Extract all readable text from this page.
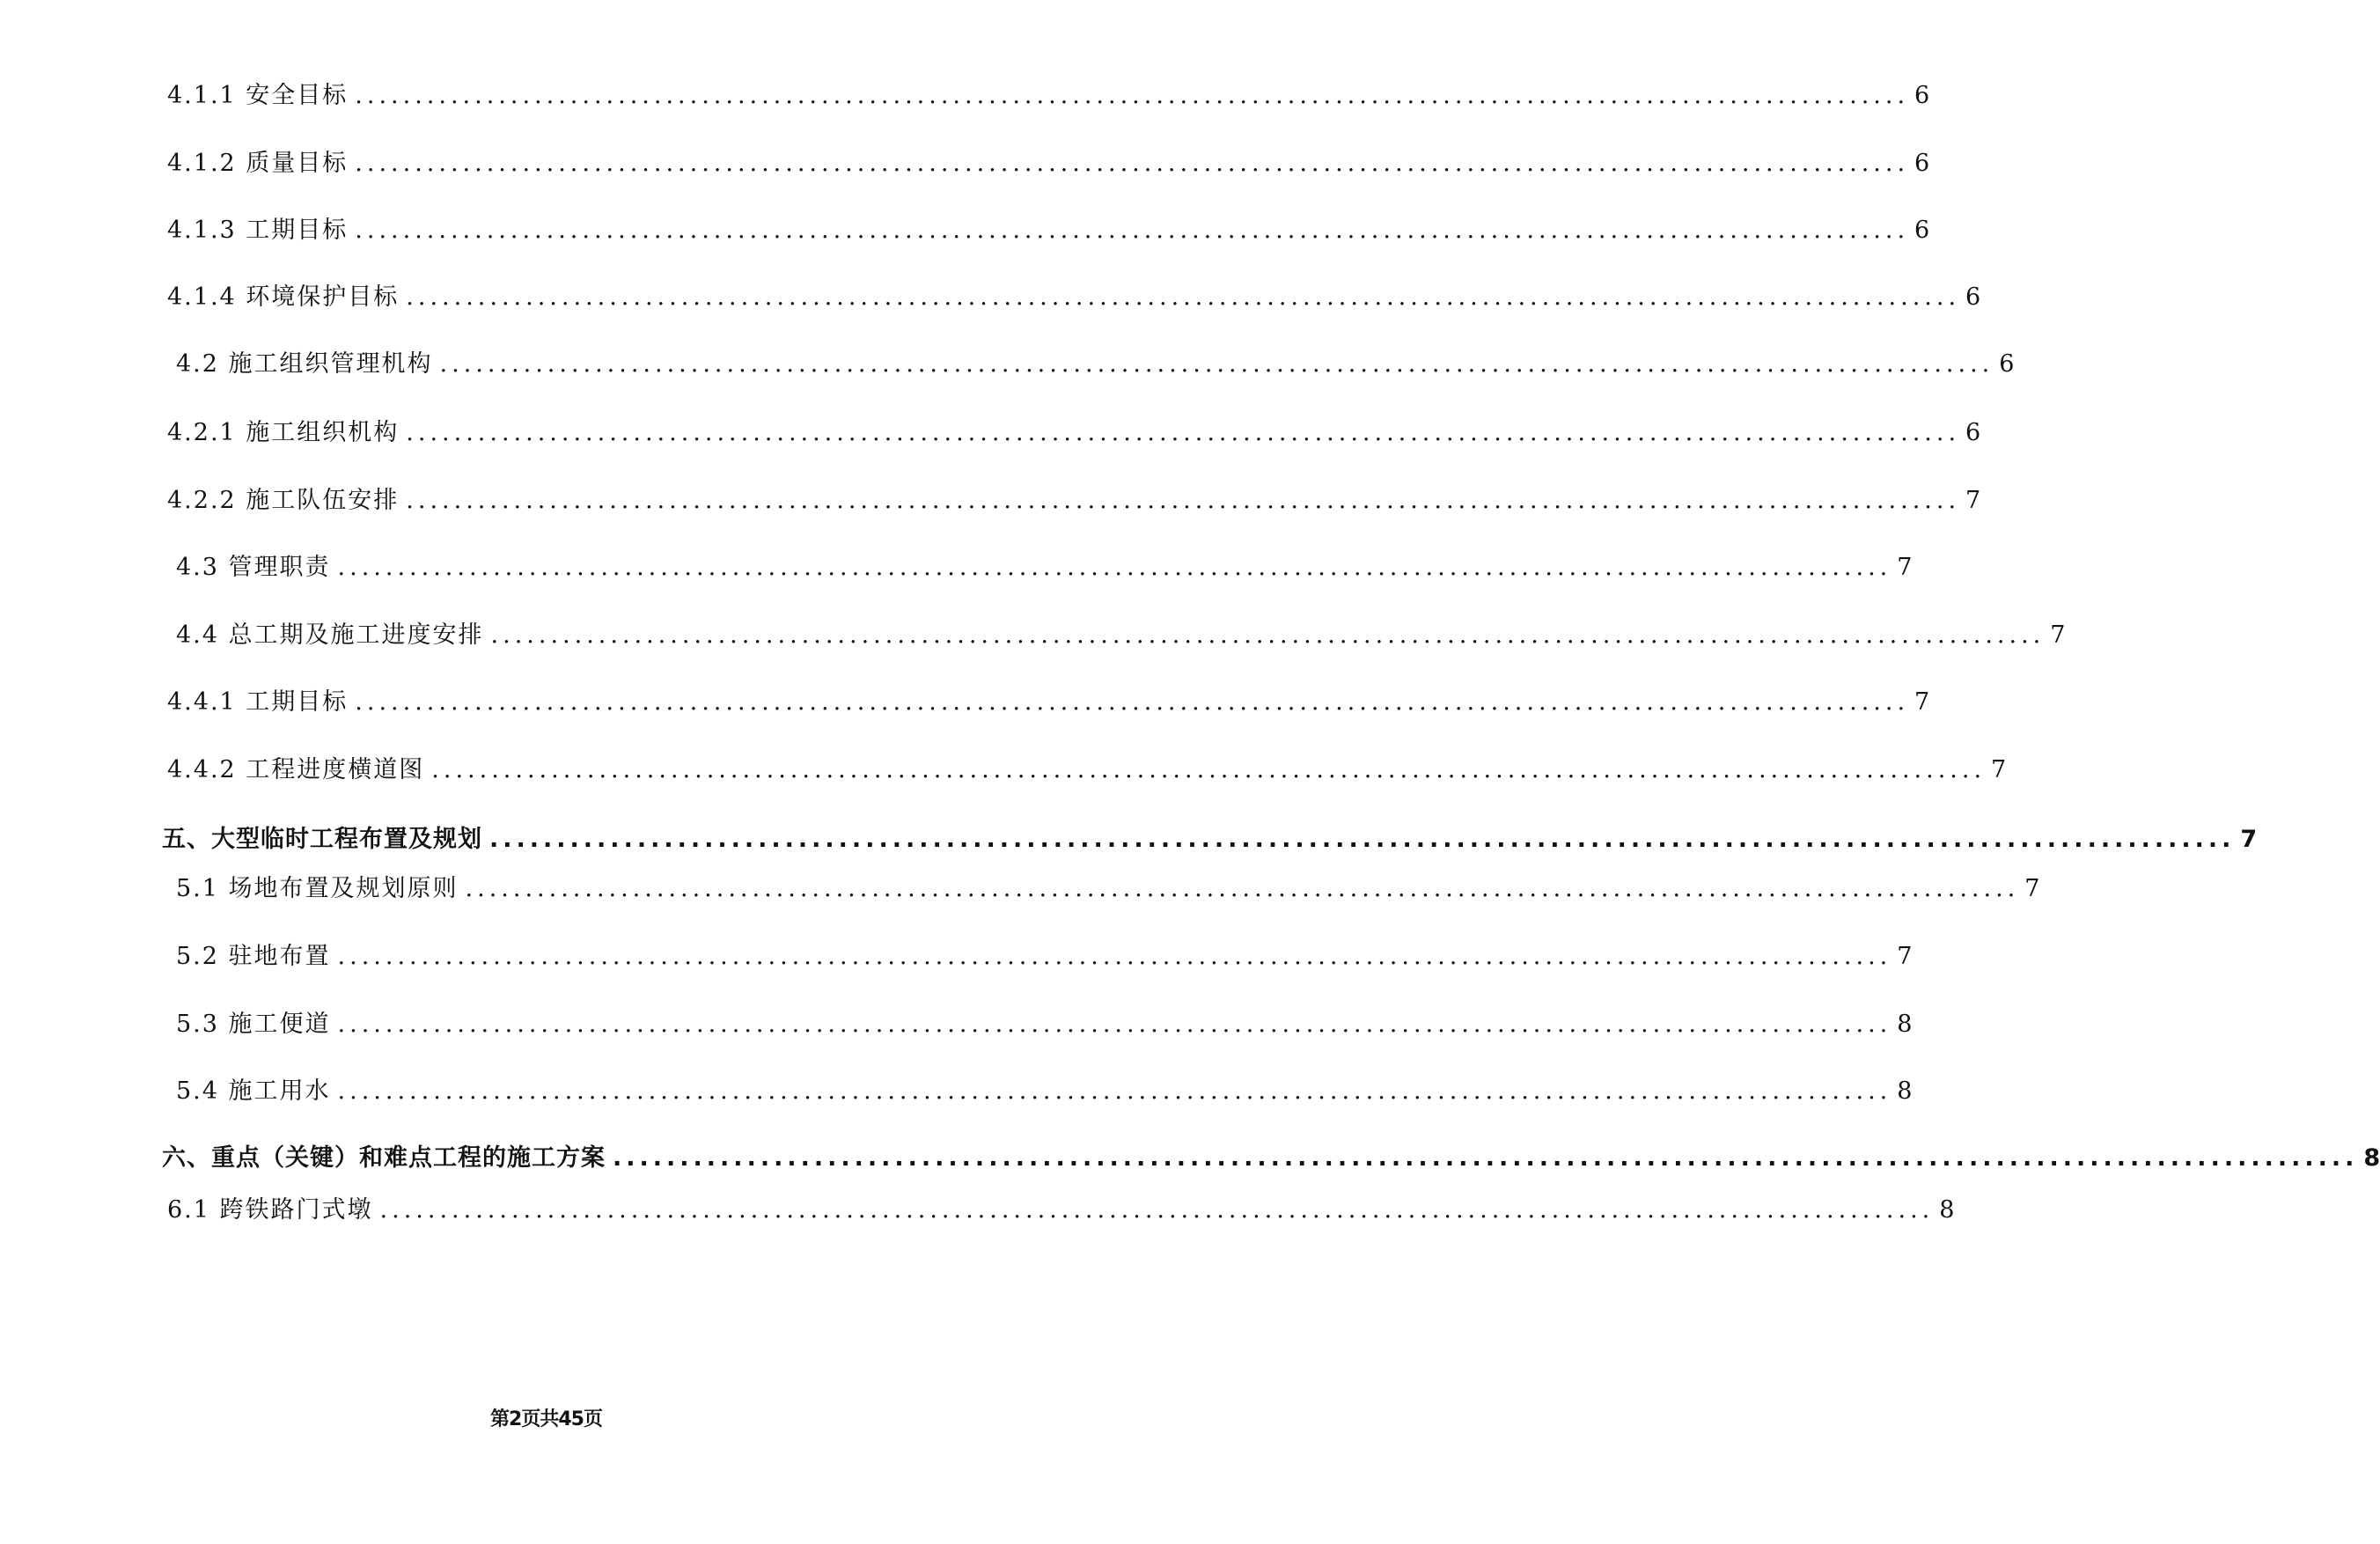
4.1.1 安全目标 .................................................................................................................................. 6
4.1.2 质量目标 .................................................................................................................................. 6
4.1.3 工期目标 .................................................................................................................................. 6
4.1.4 环境保护目标 .................................................................................................................................. 6
4.2 施工组织管理机构 .................................................................................................................................. 6
4.2.1 施工组织机构 .................................................................................................................................. 6
4.2.2 施工队伍安排 .................................................................................................................................. 7
4.3 管理职责 .................................................................................................................................. 7
4.4 总工期及施工进度安排 .................................................................................................................................. 7
4.4.1 工期目标 .................................................................................................................................. 7
4.4.2 工程进度横道图 .................................................................................................................................. 7
五、大型临时工程布置及规划 .................................................................................................................................. 7
5.1 场地布置及规划原则 .................................................................................................................................. 7
5.2 驻地布置 .................................................................................................................................. 7
5.3 施工便道 .................................................................................................................................. 8
5.4 施工用水 .................................................................................................................................. 8
六、重点（关键）和难点工程的施工方案 .................................................................................................................................. 8
6.1 跨铁路门式墩 .................................................................................................................................. 8
第2页共45页
